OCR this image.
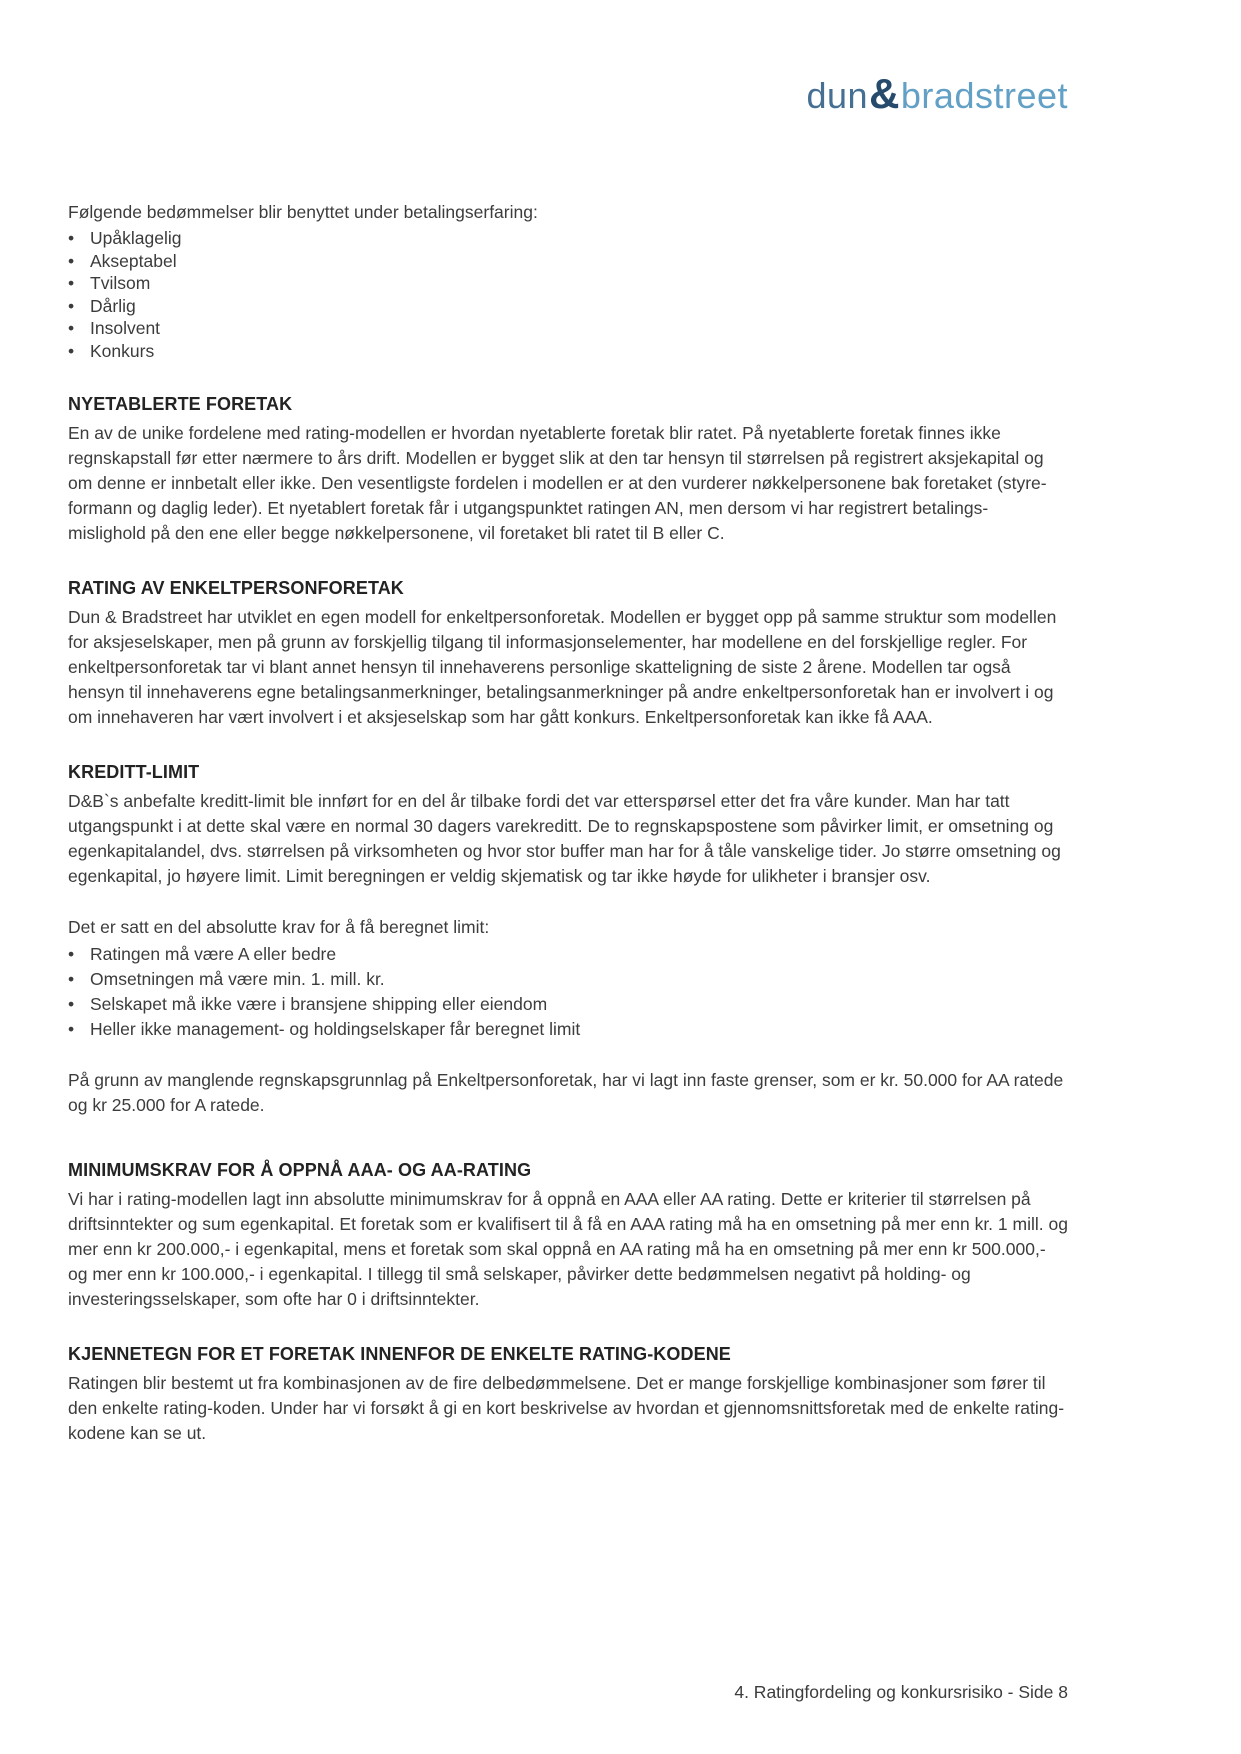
dun&bradstreet

Følgende bedømmelser blir benyttet under betalingserfaring:

• Upåklagelig
• Akseptabel
• Tvilsom
• Dårlig
• Insolvent
• Konkurs
NYETABLERTE FORETAK

En av de unike fordelene med rating-modellen er hvordan nyetablerte foretak blir ratet. På nyetablerte foretak finnes ikke regnskapstall før etter nærmere to års drift. Modellen er bygget slik at den tar hensyn til størrelsen på registrert aksjekapital og om denne er innbetalt eller ikke. Den vesentligste fordelen i modellen er at den vurderer nøkkelpersonene bak foretaket (styre- formann og daglig leder). Et nyetablert foretak får i utgangspunktet ratingen AN, men dersom vi har registrert betalings- mislighold på den ene eller begge nøkkelpersonene, vil foretaket bli ratet til B eller C.

RATING AV ENKELTPERSONFORETAK

Dun & Bradstreet har utviklet en egen modell for enkeltpersonforetak. Modellen er bygget opp på samme struktur som modellen for aksjeselskaper, men på grunn av forskjellig tilgang til informasjonselementer, har modellene en del forskjellige regler. For enkeltpersonforetak tar vi blant annet hensyn til innehaverens personlige skatteligning de siste 2 årene. Modellen tar også hensyn til innehaverens egne betalingsanmerkninger, betalingsanmerkninger på andre enkeltpersonforetak han er involvert i og om innehaveren har vært involvert i et aksjeselskap som har gått konkurs. Enkeltpersonforetak kan ikke få AAA.

KREDITT-LIMIT

D&B`s anbefalte kreditt-limit ble innført for en del år tilbake fordi det var etterspørsel etter det fra våre kunder. Man har tatt utgangspunkt i at dette skal være en normal 30 dagers varekreditt. De to regnskapspostene som påvirker limit, er omsetning og egenkapitalandel, dvs. størrelsen på virksomheten og hvor stor buffer man har for å tåle vanskelige tider. Jo større omsetning og egenkapital, jo høyere limit. Limit beregningen er veldig skjematisk og tar ikke høyde for ulikheter i bransjer osv.

Det er satt en del absolutte krav for å få beregnet limit:

• Ratingen må være A eller bedre
• Omsetningen må være min. 1. mill. kr.
• Selskapet må ikke være i bransjene shipping eller eiendom
• Heller ikke management- og holdingselskaper får beregnet limit

På grunn av manglende regnskapsgrunnlag på Enkeltpersonforetak, har vi lagt inn faste grenser, som er kr. 50.000 for AA ratede og kr 25.000 for A ratede.

MINIMUMSKRAV FOR Å OPPNÅ AAA- OG AA-RATING

Vi har i rating-modellen lagt inn absolutte minimumskrav for å oppnå en AAA eller AA rating. Dette er kriterier til størrelsen på driftsinntekter og sum egenkapital. Et foretak som er kvalifisert til å få en AAA rating må ha en omsetning på mer enn kr. 1 mill. og mer enn kr 200.000,- i egenkapital, mens et foretak som skal oppnå en AA rating må ha en omsetning på mer enn kr 500.000,- og mer enn kr 100.000,- i egenkapital. I tillegg til små selskaper, påvirker dette bedømmelsen negativt på holding- og investeringsselskaper, som ofte har 0 i driftsinntekter.

KJENNETEGN FOR ET FORETAK INNENFOR DE ENKELTE RATING-KODENE

Ratingen blir bestemt ut fra kombinasjonen av de fire delbedømmelsene. Det er mange forskjellige kombinasjoner som fører til den enkelte rating-koden. Under har vi forsøkt å gi en kort beskrivelse av hvordan et gjennomsnittsforetak med de enkelte rating-kodene kan se ut.

4. Ratingfordeling og konkursrisiko - Side 8
